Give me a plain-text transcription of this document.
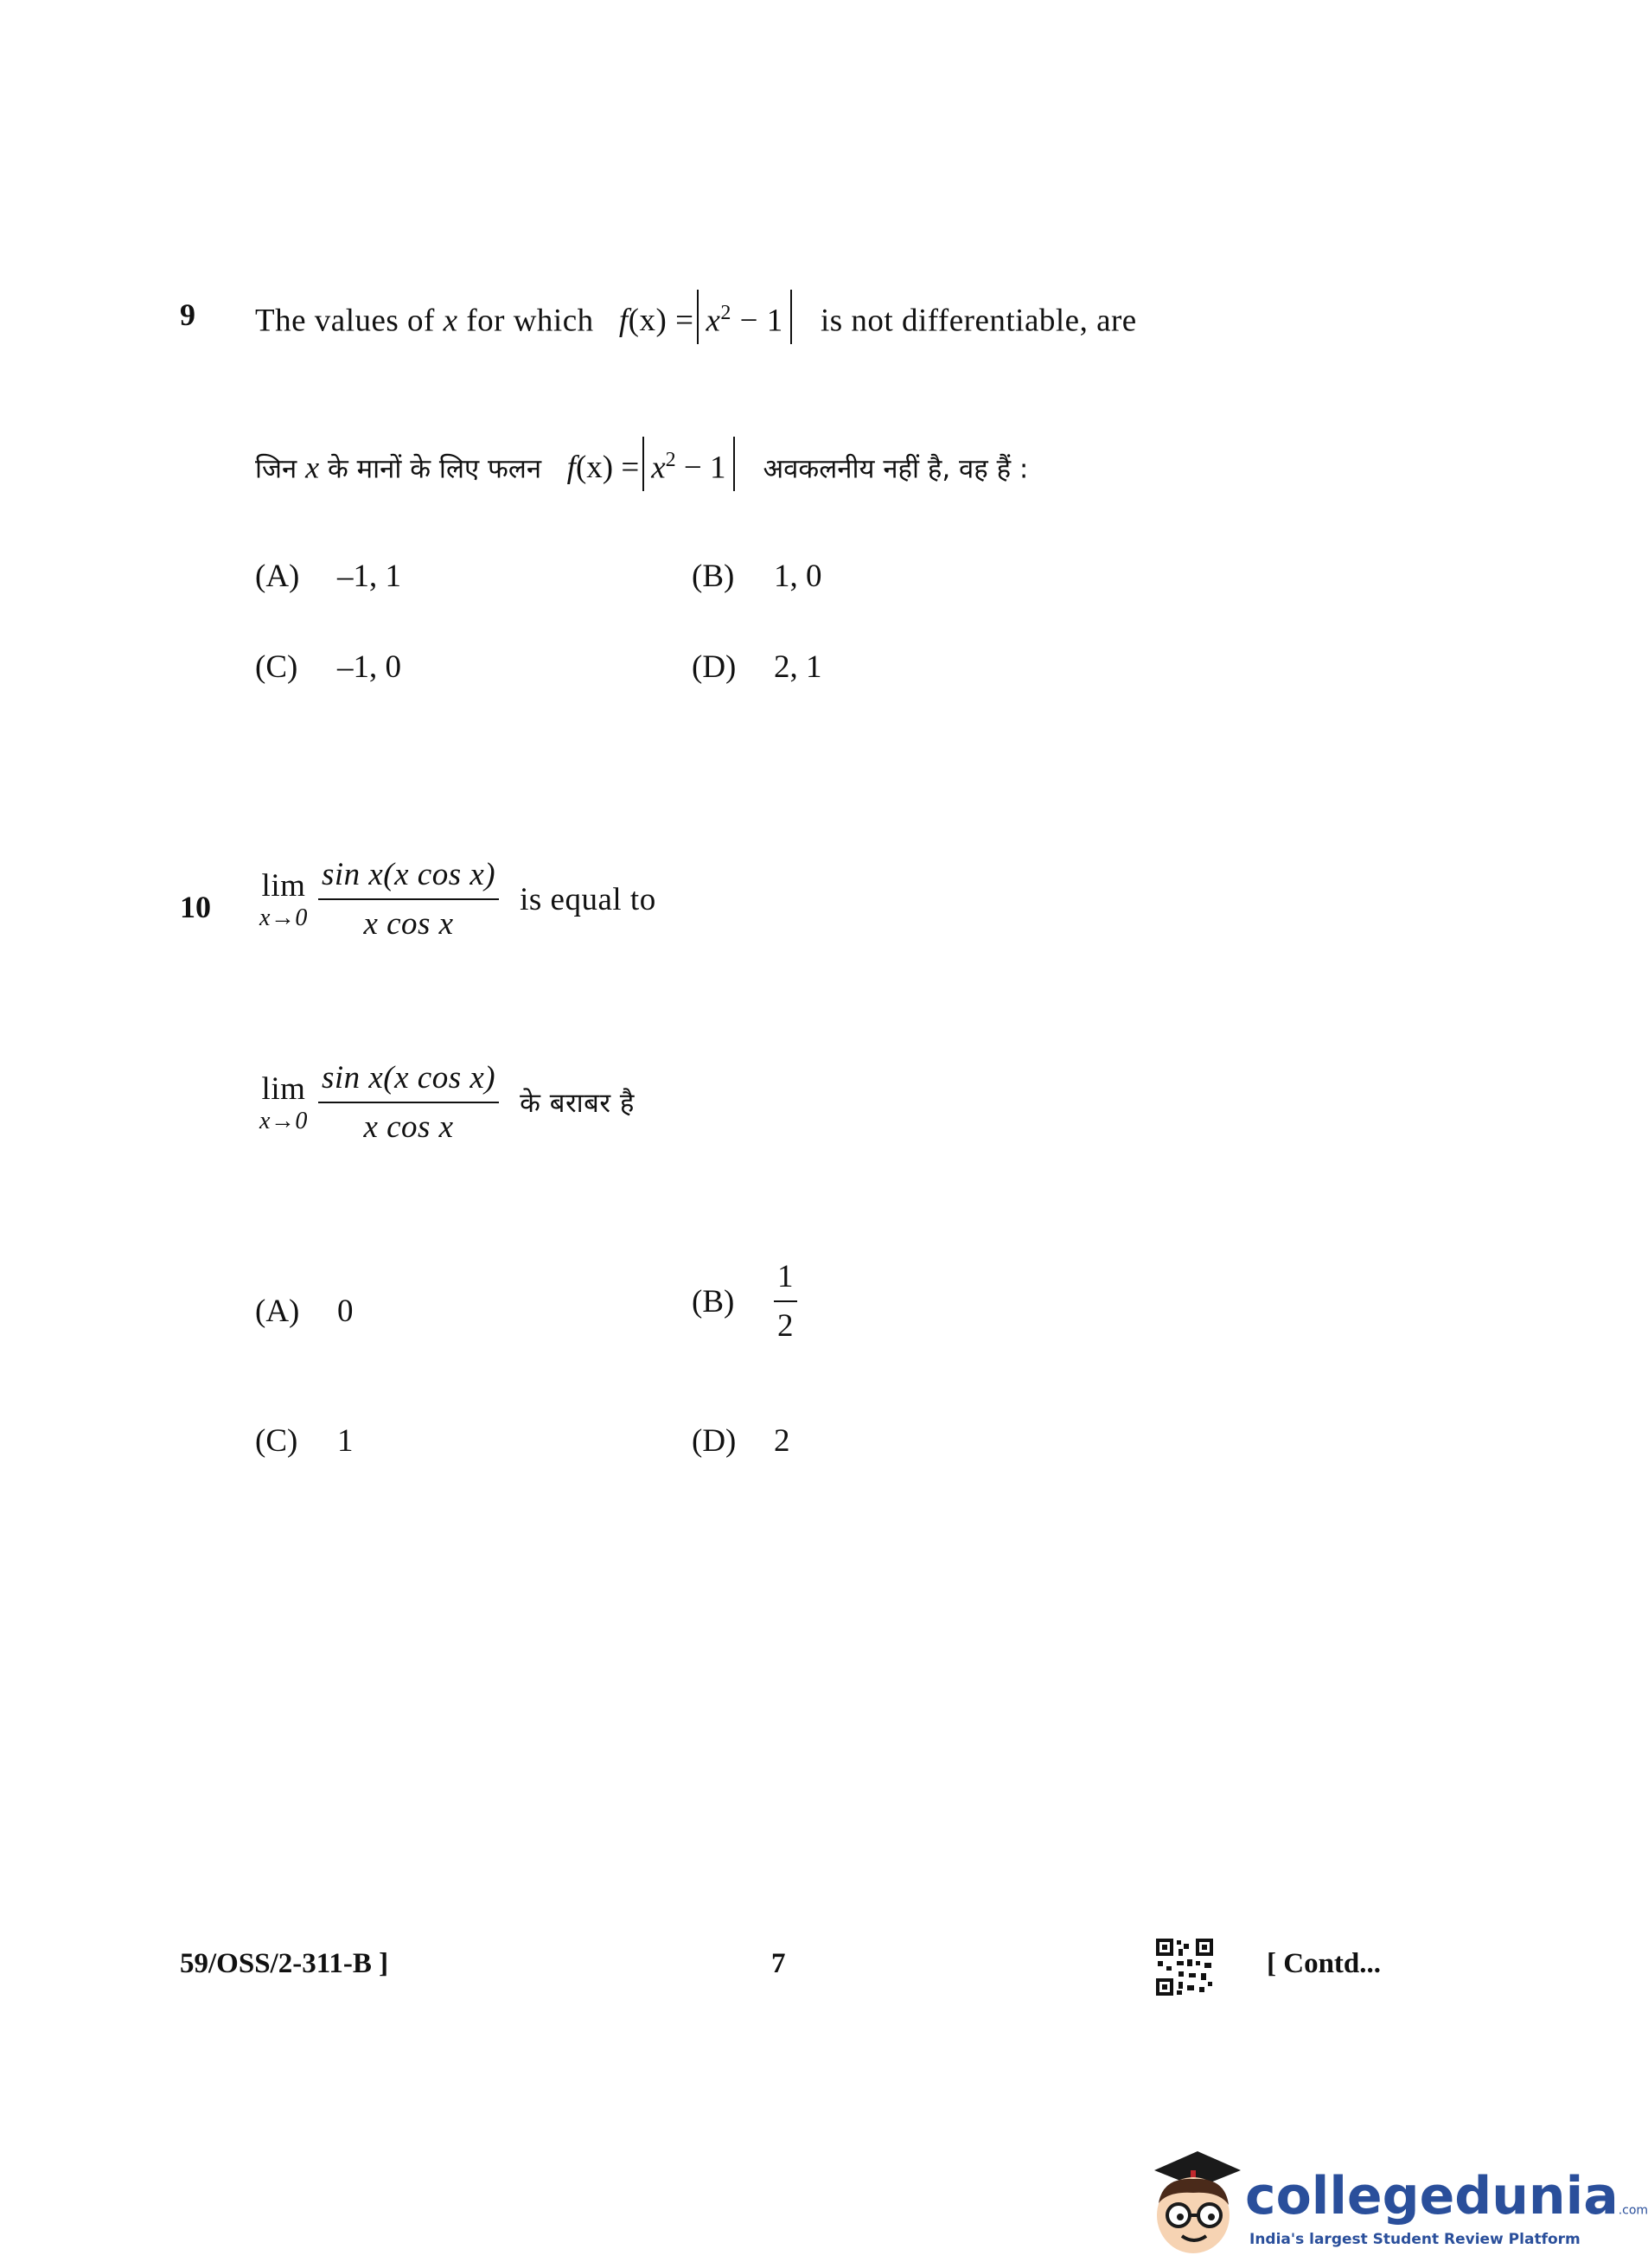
9 The values of x for which $f(x) = x^2 - 1$ is not differentiable, are
जिन x के मानों के लिए फलन $f(x) = x^2 - 1$ अवकलनीय नहीं है, वह हैं :
(A) –1, 1	(B) 1, 0
(C) –1, 0	(D) 2, 1
10
lim
$x\to 0 \frac{\text{sin x(x cos x)}}{\text{x cos x}}$ is equal to
lim
$x\to 0 \frac{\text{sin x(x cos x)}}{\text{x cos x}}$ के बराबर है
(A) 0	(B)	$\frac{1}{2}$
(C) 1	(D) 2
59/OSS/2-311-B ]	7	[ Contd...
collegedunia.com
India's largest Student Review Platform
